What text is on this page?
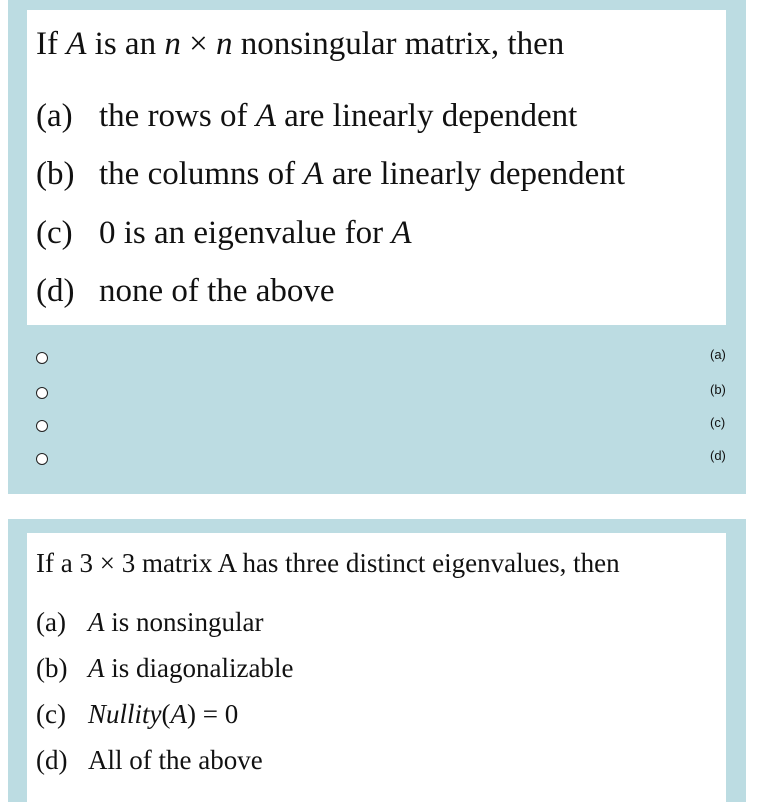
If A is an n × n nonsingular matrix, then
(a) the rows of A are linearly dependent
(b) the columns of A are linearly dependent
(c) 0 is an eigenvalue for A
(d) none of the above
(a)
(b)
(c)
(d)
If a 3 × 3 matrix A has three distinct eigenvalues, then
(a) A is nonsingular
(b) A is diagonalizable
(c) Nullity(A) = 0
(d) All of the above
